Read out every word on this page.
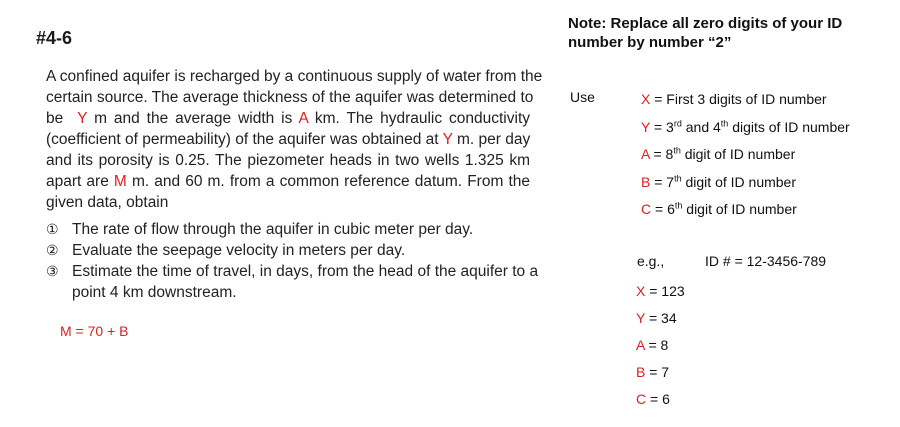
#4-6
Note: Replace all zero digits of your ID
number by number “2”
A confined aquifer is recharged by a continuous supply of water from the
certain source. The average thickness of the aquifer was determined to
be Y m and the average width is A km. The hydraulic conductivity
(coefficient of permeability) of the aquifer was obtained at Y m. per day
and its porosity is 0.25. The piezometer heads in two wells 1.325 km
apart are M m. and 60 m. from a common reference datum. From the
given data, obtain
① The rate of flow through the aquifer in cubic meter per day.
② Evaluate the seepage velocity in meters per day.
③ Estimate the time of travel, in days, from the head of the aquifer to a
point 4 km downstream.
M = 70 + B
Use	X = First 3 digits of ID number
Y = 3rd and 4th digits of ID number
A = 8th digit of ID number
B = 7th digit of ID number
C = 6th digit of ID number
e.g.,	ID # = 12-3456-789
X = 123
Y = 34
A = 8
B = 7
C = 6
